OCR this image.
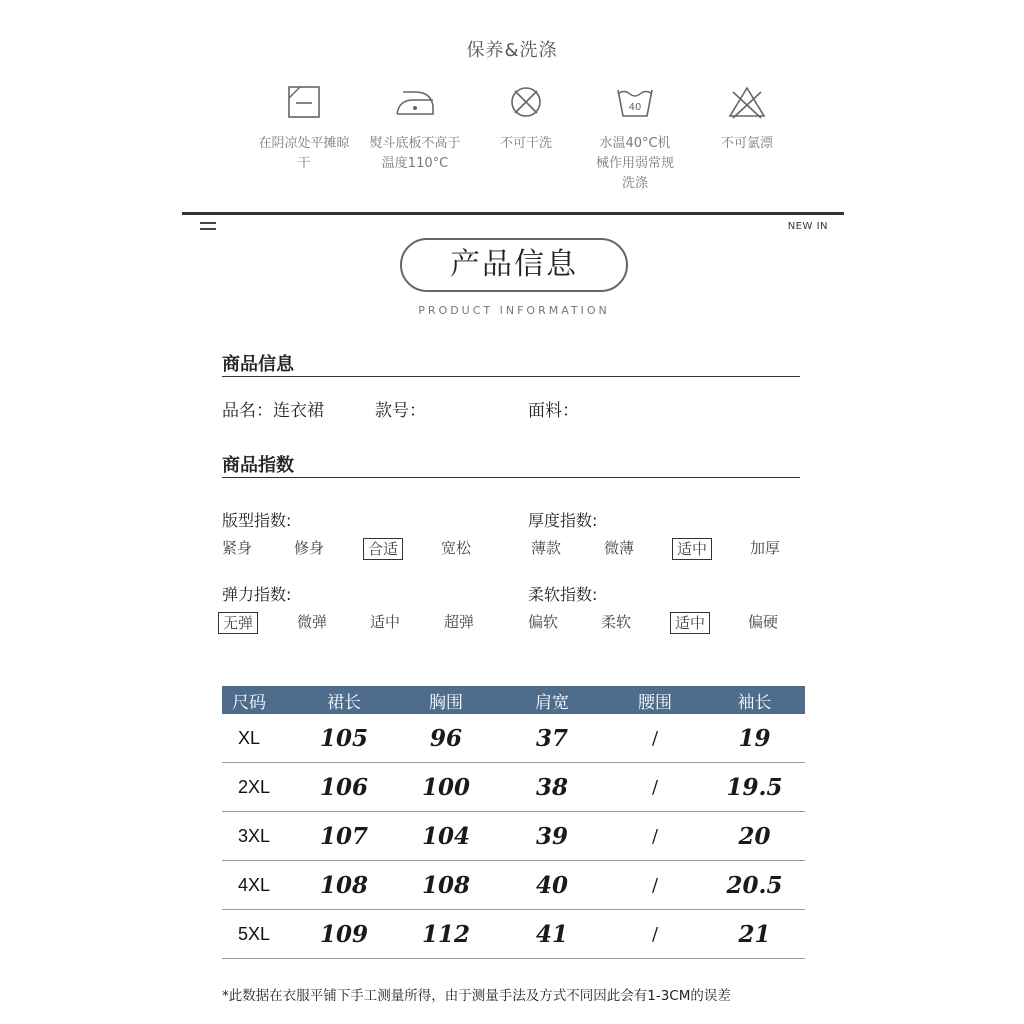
保养&洗涤
在阴凉处平摊晾干
熨斗底板不高于温度110°C
不可干洗
40
水温40°C机械作用弱常规洗涤
不可氯漂
NEW IN
产品信息
PRODUCT INFORMATION
商品信息
品名：连衣裙	款号：	面料：
商品指数
版型指数:
紧身	修身	合适	宽松
厚度指数:
薄款	微薄	适中	加厚
弹力指数:
无弹	微弹	适中	超弹
柔软指数:
偏软	柔软	适中	偏硬
尺码	裙长	胸围	肩宽	腰围	袖长
XL	105	96	37	/	19
2XL	106	100	38	/	19.5
3XL	107	104	39	/	20
4XL	108	108	40	/	20.5
5XL	109	112	41	/	21
*此数据在衣服平铺下手工测量所得，由于测量手法及方式不同因此会有1-3CM的误差
